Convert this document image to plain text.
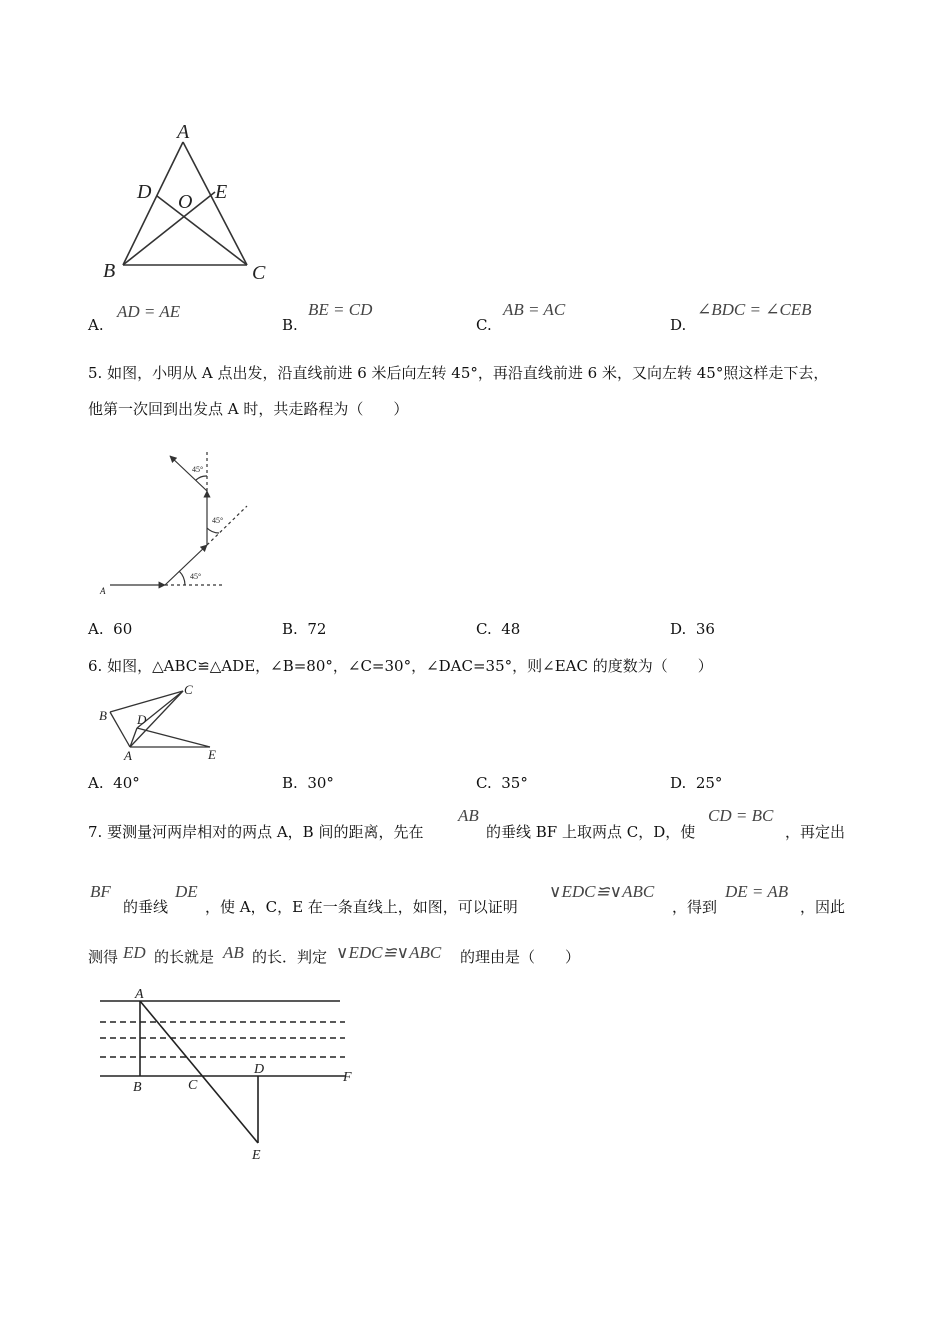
A
B	C
D	E
O
A.
AD = AE
B.
BE = CD
C.
AB = AC
D.
∠BDC = ∠CEB
5. 如图，小明从 A 点出发，沿直线前进 6 米后向左转 45°，再沿直线前进 6 米，又向左转 45°照这样走下去，
他第一次回到出发点 A 时，共走路程为（　　）
45°
45°
45°
A
A. 60	B. 72	C. 48	D. 36
6. 如图，△ABC≌△ADE，∠B=80°，∠C=30°，∠DAC=35°，则∠EAC 的度数为（　　）
B
C
D
A	E
A. 40°	B. 30°	C. 35°	D. 25°
7. 要测量河两岸相对的两点 A，B 间的距离，先在
AB
的垂线 BF 上取两点 C，D，使
CD = BC
，再定出
BF
的垂线
DE
，使 A，C，E 在一条直线上，如图，可以证明
∨EDC≌∨ABC
，得到
DE = AB
，因此
测得 ED 的长就是 AB 的长．判定 ∨EDC≌∨ABC 的理由是（　　）
A
B	C
D
E
F
